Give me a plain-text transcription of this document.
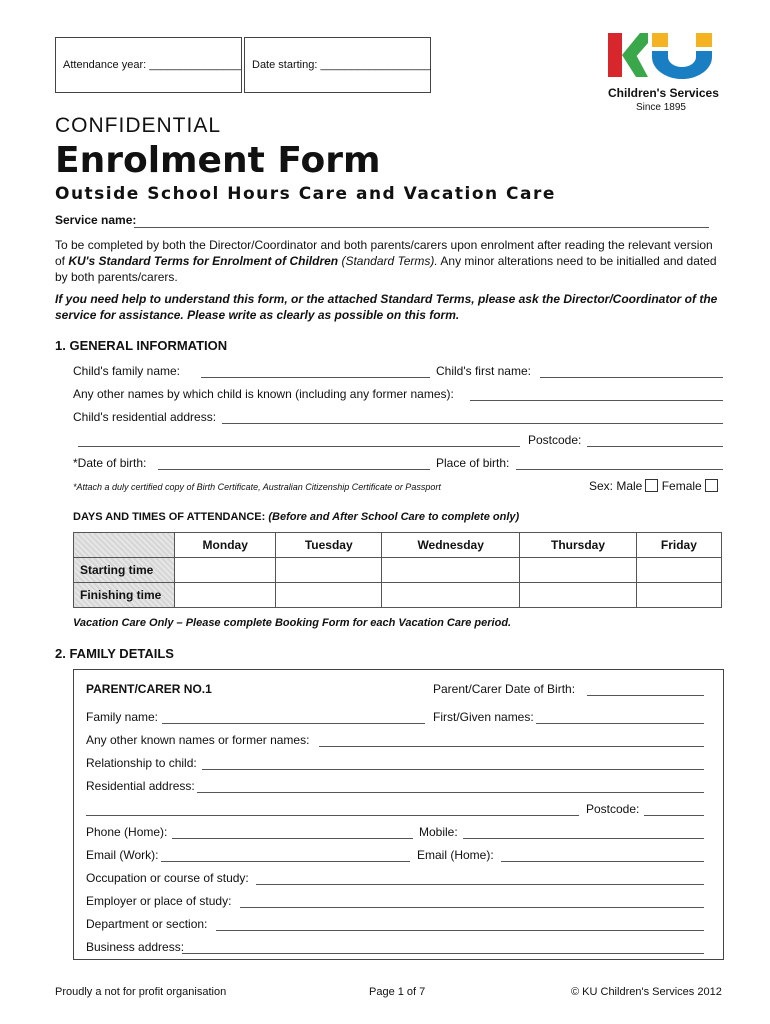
Attendance year: _______________ Date starting: __________________
Children's Services
Since 1895
CONFIDENTIAL
Enrolment Form
Outside School Hours Care and Vacation Care
Service name:
To be completed by both the Director/Coordinator and both parents/carers upon enrolment after reading the relevant version of KU's Standard Terms for Enrolment of Children (Standard Terms). Any minor alterations need to be initialled and dated by both parents/carers.
If you need help to understand this form, or the attached Standard Terms, please ask the Director/Coordinator of the service for assistance. Please write as clearly as possible on this form.
1. GENERAL INFORMATION
Child's family name:	Child's first name:
Any other names by which child is known (including any former names):
Child's residential address:
Postcode:
*Date of birth:	Place of birth:
*Attach a duly certified copy of Birth Certificate, Australian Citizenship Certificate or Passport	Sex: Male Female
DAYS AND TIMES OF ATTENDANCE: (Before and After School Care to complete only)
	Monday	Tuesday	Wednesday	Thursday	Friday
Starting time					
Finishing time					
Vacation Care Only – Please complete Booking Form for each Vacation Care period.
2. FAMILY DETAILS
PARENT/CARER NO.1	Parent/Carer Date of Birth:
Family name:	First/Given names:
Any other known names or former names:
Relationship to child:
Residential address:
Postcode:
Phone (Home):	Mobile:
Email (Work):	Email (Home):
Occupation or course of study:
Employer or place of study:
Department or section:
Business address:
Proudly a not for profit organisation	Page 1 of 7	© KU Children's Services 2012
